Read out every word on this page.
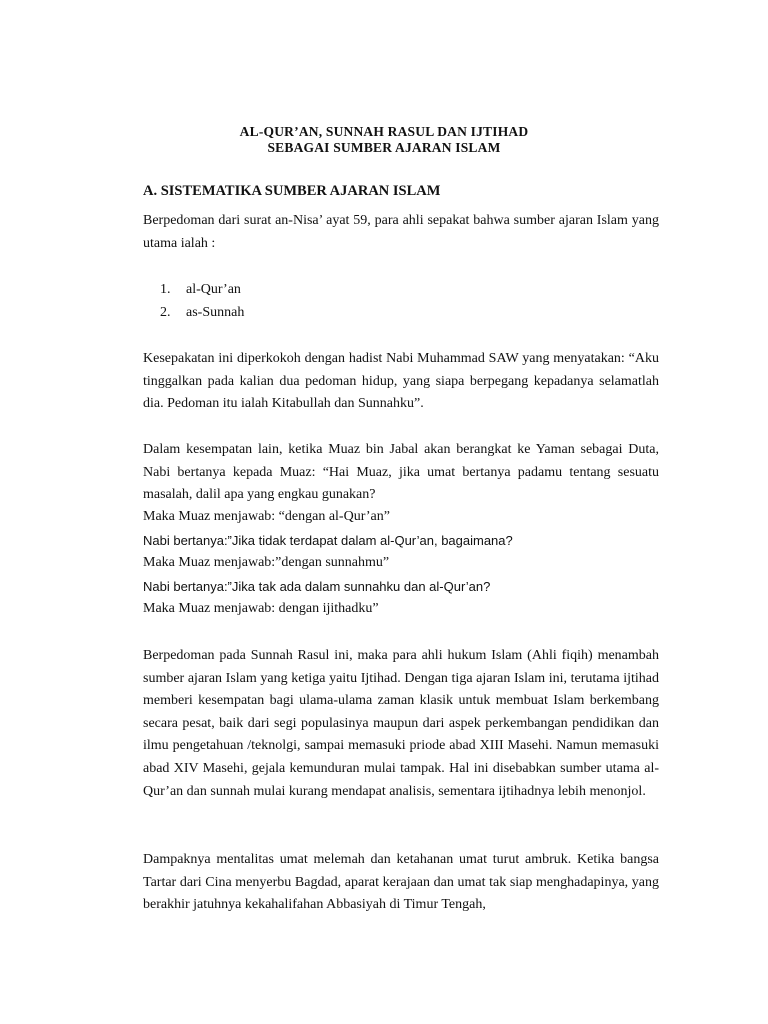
AL-QUR’AN, SUNNAH RASUL DAN IJTIHAD
SEBAGAI SUMBER AJARAN ISLAM
A. SISTEMATIKA SUMBER AJARAN ISLAM

Berpedoman dari surat an-Nisa’ ayat 59, para ahli sepakat bahwa sumber ajaran Islam yang utama ialah :

1. al-Qur’an
2. as-Sunnah

Kesepakatan ini diperkokoh dengan hadist Nabi Muhammad SAW yang menyatakan: “Aku tinggalkan pada kalian dua pedoman hidup, yang siapa berpegang kepadanya selamatlah dia. Pedoman itu ialah Kitabullah dan Sunnahku”.

Dalam kesempatan lain, ketika Muaz bin Jabal akan berangkat ke Yaman sebagai Duta, Nabi bertanya kepada Muaz: “Hai Muaz, jika umat bertanya padamu tentang sesuatu masalah, dalil apa yang engkau gunakan?

Maka Muaz menjawab: “dengan al-Qur’an”
Nabi bertanya:”Jika tidak terdapat dalam al-Qur’an, bagaimana?
Maka Muaz menjawab:”dengan sunnahmu”
Nabi bertanya:”Jika tak ada dalam sunnahku dan al-Qur’an?
Maka Muaz menjawab: dengan ijithadku”

Berpedoman pada Sunnah Rasul ini, maka para ahli hukum Islam (Ahli fiqih) menambah sumber ajaran Islam yang ketiga yaitu Ijtihad. Dengan tiga ajaran Islam ini, terutama ijtihad memberi kesempatan bagi ulama-ulama zaman klasik untuk membuat Islam berkembang secara pesat, baik dari segi populasinya maupun dari aspek perkembangan pendidikan dan ilmu pengetahuan /teknolgi, sampai memasuki priode abad XIII Masehi. Namun memasuki abad XIV Masehi, gejala kemunduran mulai tampak. Hal ini disebabkan sumber utama al-Qur’an dan sunnah mulai kurang mendapat analisis, sementara ijtihadnya lebih menonjol.

Dampaknya mentalitas umat melemah dan ketahanan umat turut ambruk. Ketika bangsa Tartar dari Cina menyerbu Bagdad, aparat kerajaan dan umat tak siap menghadapinya, yang berakhir jatuhnya kekahalifahan Abbasiyah di Timur Tengah,
